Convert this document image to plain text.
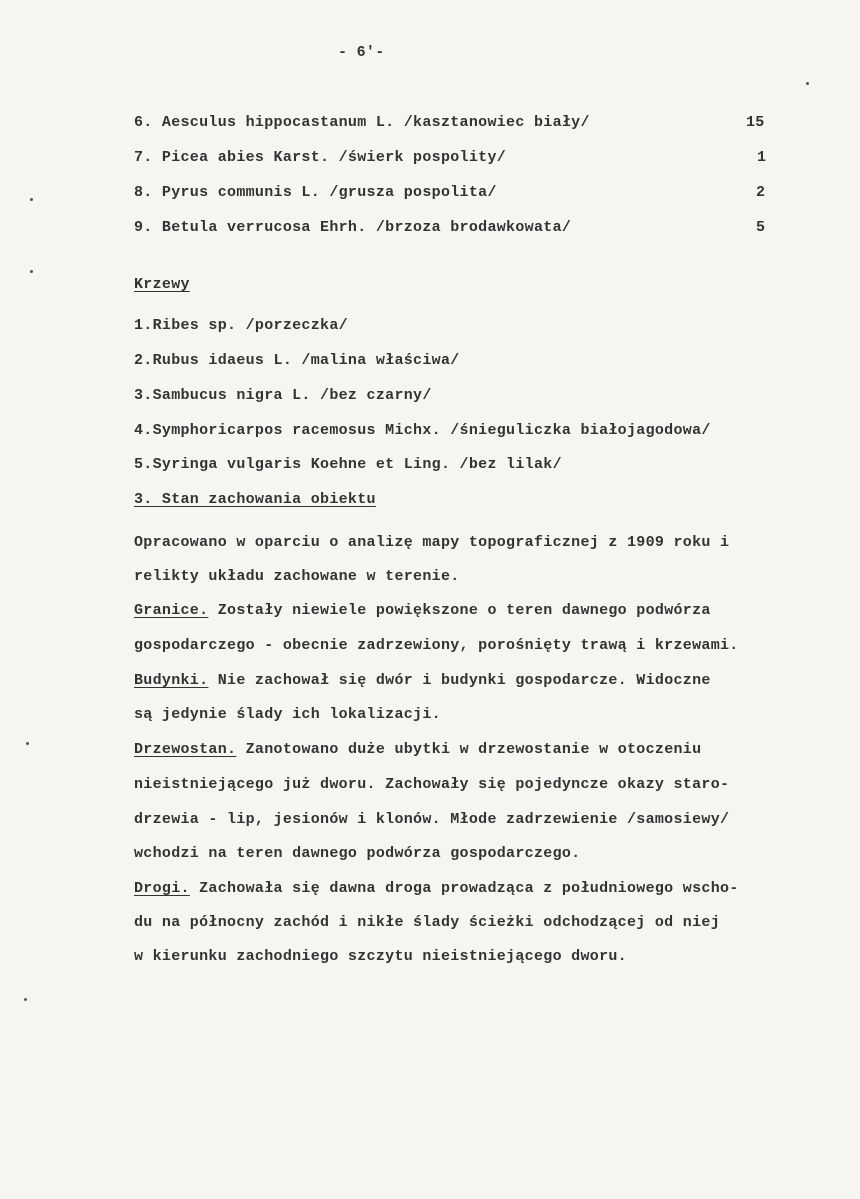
- 6'-
6. Aesculus hippocastanum L. /kasztanowiec biały/	15
7. Picea abies Karst. /świerk pospolity/	1
8. Pyrus communis L. /grusza pospolita/	2
9. Betula verrucosa Ehrh. /brzoza brodawkowata/	5
Krzewy
1.Ribes sp. /porzeczka/
2.Rubus idaeus L. /malina właściwa/
3.Sambucus nigra L. /bez czarny/
4.Symphoricarpos racemosus Michx. /śnieguliczka białojagodowa/
5.Syringa vulgaris Koehne et Ling. /bez lilak/
3. Stan zachowania obiektu
Opracowano w oparciu o analizę mapy topograficznej z 1909 roku i
relikty układu zachowane w terenie.
Granice. Zostały niewiele powiększone o teren dawnego podwórza
gospodarczego - obecnie zadrzewiony, porośnięty trawą i krzewami.
Budynki. Nie zachował się dwór i budynki gospodarcze. Widoczne
są jedynie ślady ich lokalizacji.
Drzewostan. Zanotowano duże ubytki w drzewostanie w otoczeniu
nieistniejącego już dworu. Zachowały się pojedyncze okazy staro-
drzewia - lip, jesionów i klonów. Młode zadrzewienie /samosiewy/
wchodzi na teren dawnego podwórza gospodarczego.
Drogi. Zachowała się dawna droga prowadząca z południowego wscho-
du na północny zachód i nikłe ślady ścieżki odchodzącej od niej
w kierunku zachodniego szczytu nieistniejącego dworu.
